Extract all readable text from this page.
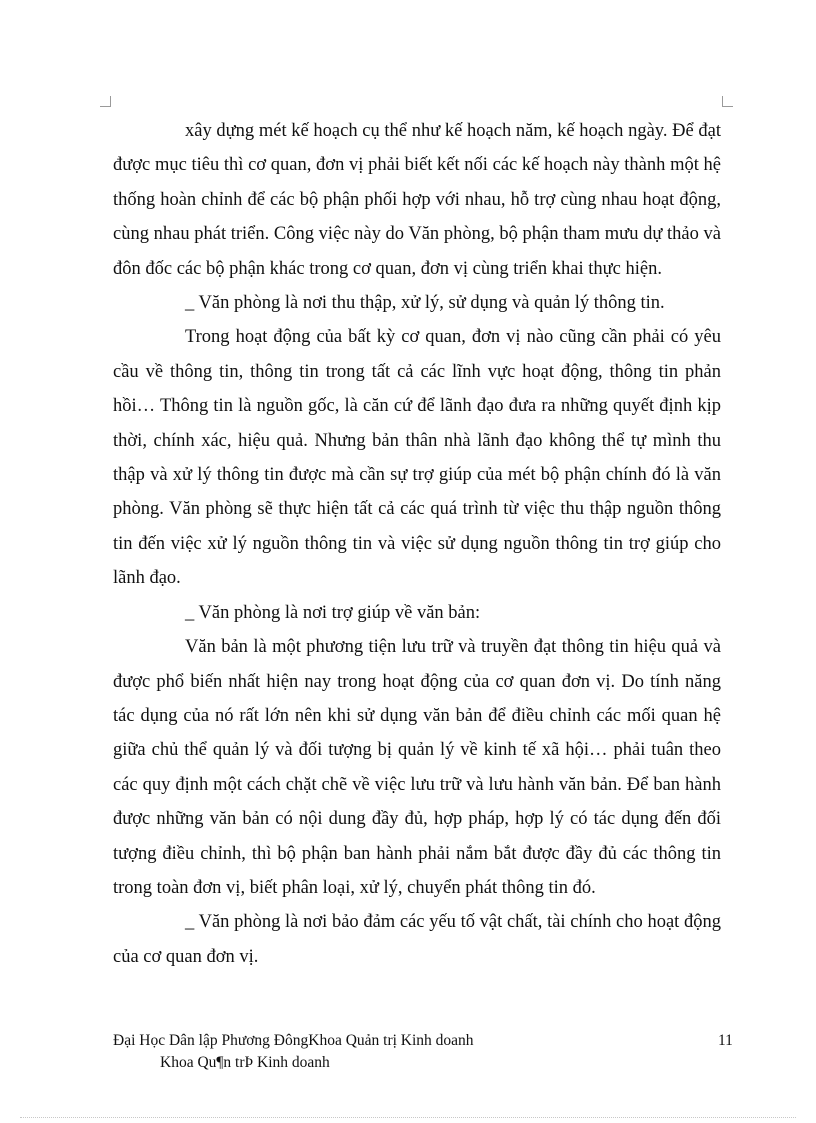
xây dựng mét kế hoạch cụ thể như kế hoạch năm, kế hoạch ngày. Để đạt được mục tiêu thì cơ quan, đơn vị phải biết kết nối các kế hoạch này thành một hệ thống hoàn chỉnh để các bộ phận phối hợp với nhau, hỗ trợ cùng nhau hoạt động, cùng nhau phát triển. Công việc này do Văn phòng, bộ phận tham mưu dự thảo và đôn đốc các bộ phận khác trong cơ quan, đơn vị cùng triển khai thực hiện.

_ Văn phòng là nơi thu thập, xử lý, sử dụng và quản lý thông tin.

Trong hoạt động của bất kỳ cơ quan, đơn vị nào cũng cần phải có yêu cầu về thông tin, thông tin trong tất cả các lĩnh vực hoạt động, thông tin phản hồi… Thông tin là nguồn gốc, là căn cứ để lãnh đạo đưa ra những quyết định kịp thời, chính xác, hiệu quả. Nhưng bản thân nhà lãnh đạo không thể tự mình thu thập và xử lý thông tin được mà cần sự trợ giúp của mét bộ phận chính đó là văn phòng. Văn phòng sẽ thực hiện tất cả các quá trình từ việc thu thập nguồn thông tin đến việc xử lý nguồn thông tin và việc sử dụng nguồn thông tin trợ giúp cho lãnh đạo.

_ Văn phòng là nơi trợ giúp về văn bản:

Văn bản là một phương tiện lưu trữ và truyền đạt thông tin hiệu quả và được phổ biến nhất hiện nay trong hoạt động của cơ quan đơn vị. Do tính năng tác dụng của nó rất lớn nên khi sử dụng văn bản để điều chỉnh các mối quan hệ giữa chủ thể quản lý và đối tượng bị quản lý về kinh tế xã hội… phải tuân theo các quy định một cách chặt chẽ về việc lưu trữ và lưu hành văn bản. Để ban hành được những văn bản có nội dung đầy đủ, hợp pháp, hợp lý có tác dụng đến đối tượng điều chỉnh, thì bộ phận ban hành phải nắm bắt được đầy đủ các thông tin trong toàn đơn vị, biết phân loại, xử lý, chuyển phát thông tin đó.

_ Văn phòng là nơi bảo đảm các yếu tố vật chất, tài chính cho hoạt động của cơ quan đơn vị.

Đại Học Dân lập Phương ĐôngKhoa Quản trị Kinh doanh
Khoa Qu¶n trÞ Kinh doanh
11
